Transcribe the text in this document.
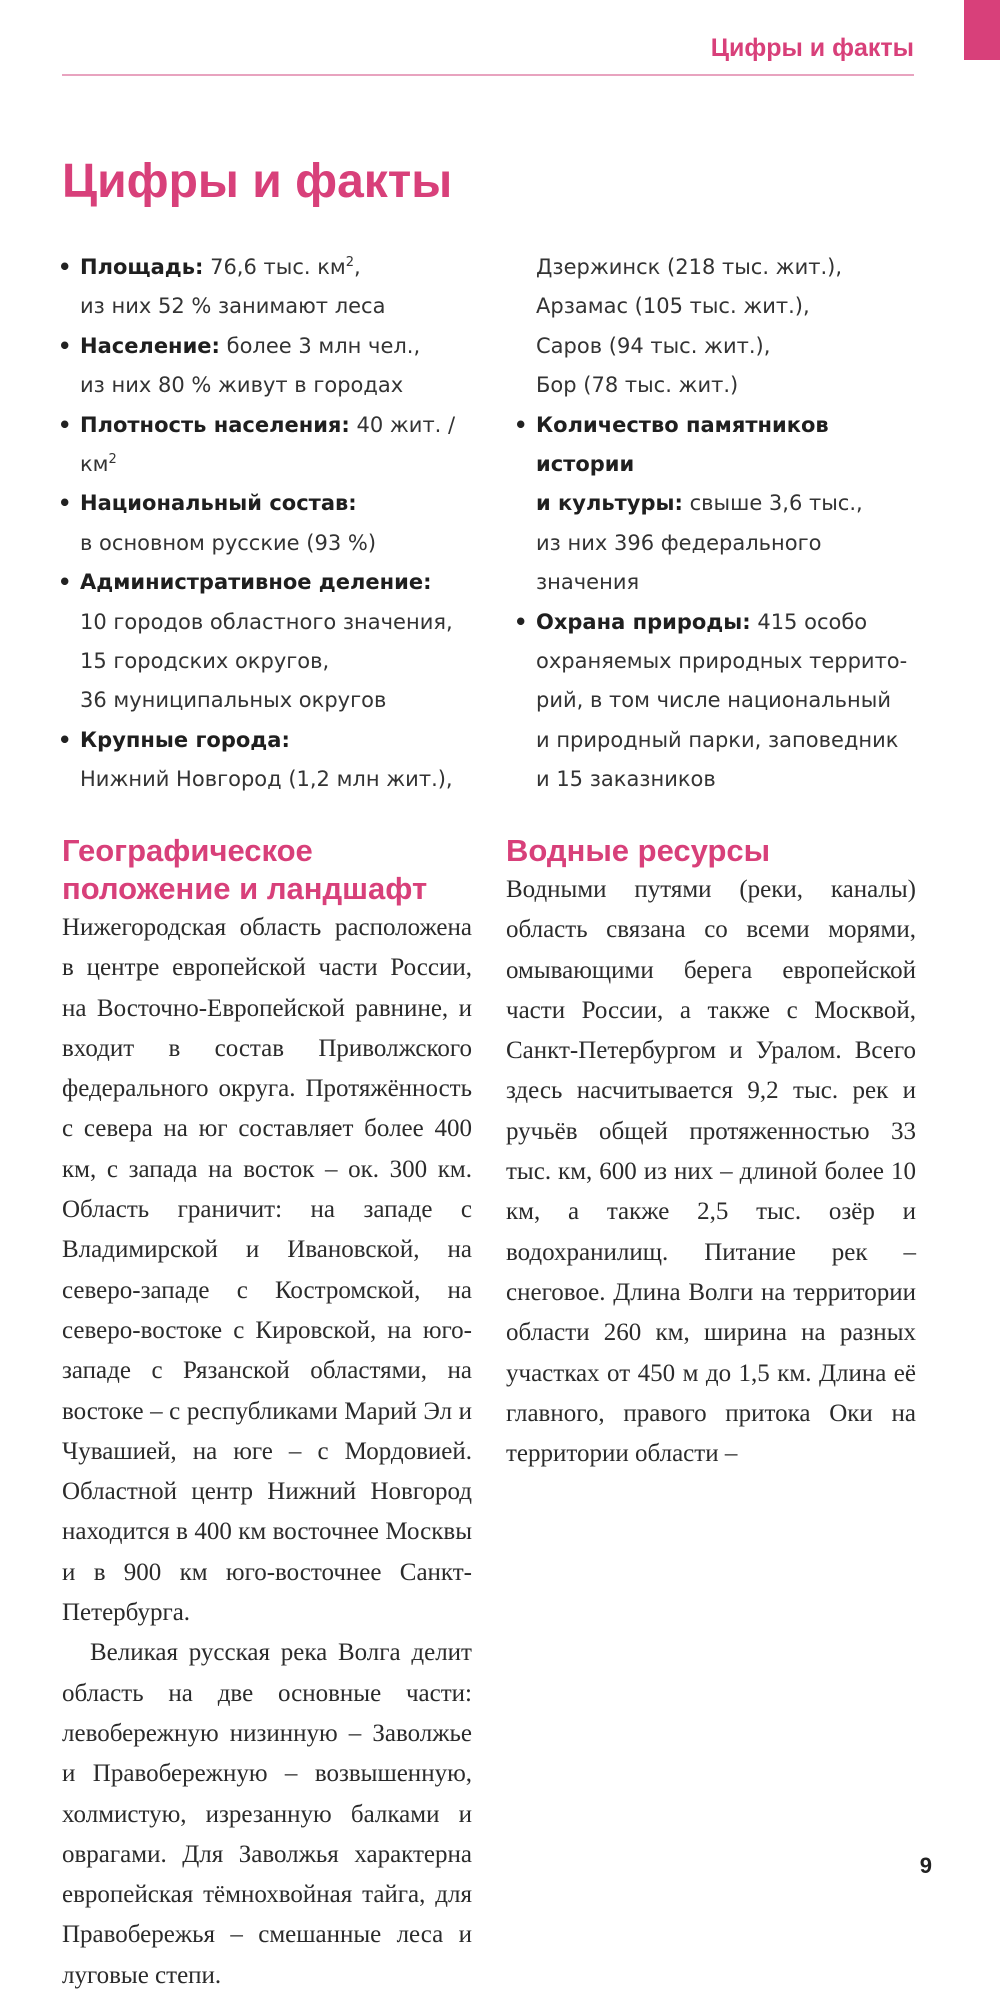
Цифры и факты
Цифры и факты
• Площадь: 76,6 тыс. $км^2$,
из них 52 % занимают леса
• Население: более 3 млн чел.,
из них 80 % живут в городах
• Плотность населения: 40 жит. / $км^2$
• Национальный состав:
в основном русские (93 %)
• Административное деление:
10 городов областного значения,
15 городских округов,
36 муниципальных округов
• Крупные города:
Нижний Новгород (1,2 млн жит.),
Дзержинск (218 тыс. жит.),
Арзамас (105 тыс. жит.),
Саров (94 тыс. жит.),
Бор (78 тыс. жит.)
• Количество памятников истории
и культуры: свыше 3,6 тыс.,
из них 396 федерального
значения
• Охрана природы: 415 особо
охраняемых природных террито-
рий, в том числе национальный
и природный парки, заповедник
и 15 заказников
Географическое положение и ландшафт

Нижегородская область расположена в центре европейской части России, на Восточно-Европейской равнине, и входит в состав Приволжского федерального округа. Протяжённость с севера на юг составляет более 400 км, с запада на восток – ок. 300 км. Область граничит: на западе с Владимирской и Ивановской, на северо-западе с Костромской, на северо-востоке с Кировской, на юго-западе с Рязанской областями, на востоке – с республиками Марий Эл и Чувашией, на юге – с Мордовией. Областной центр Нижний Новгород находится в 400 км восточнее Москвы и в 900 км юго-восточнее Санкт-Петербурга.

Великая русская река Волга делит область на две основные части: левобережную низинную – Заволжье и Правобережную – возвышенную, холмистую, изрезанную балками и оврагами. Для Заволжья характерна европейская тёмнохвойная тайга, для Правобережья – смешанные леса и луговые степи.

Водные ресурсы

Водными путями (реки, каналы) область связана со всеми морями, омывающими берега европейской части России, а также с Москвой, Санкт-Петербургом и Уралом. Всего здесь насчитывается 9,2 тыс. рек и ручьёв общей протяженностью 33 тыс. км, 600 из них – длиной более 10 км, а также 2,5 тыс. озёр и водохранилищ. Питание рек – снеговое. Длина Волги на территории области 260 км, ширина на разных участках от 450 м до 1,5 км. Длина её главного, правого притока Оки на территории области –

9
